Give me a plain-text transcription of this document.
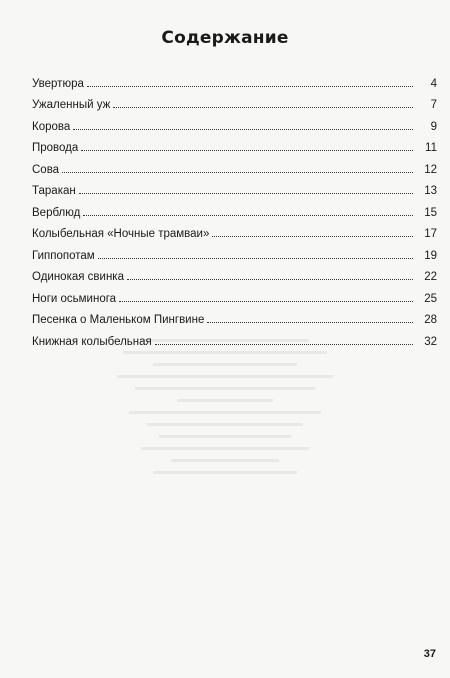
Содержание
Увертюра	4
Ужаленный уж	7
Корова	9
Провода	11
Сова	12
Таракан	13
Верблюд	15
Колыбельная «Ночные трамваи»	17
Гиппопотам	19
Одинокая свинка	22
Ноги осьминога	25
Песенка о Маленьком Пингвине	28
Книжная колыбельная	32
37
